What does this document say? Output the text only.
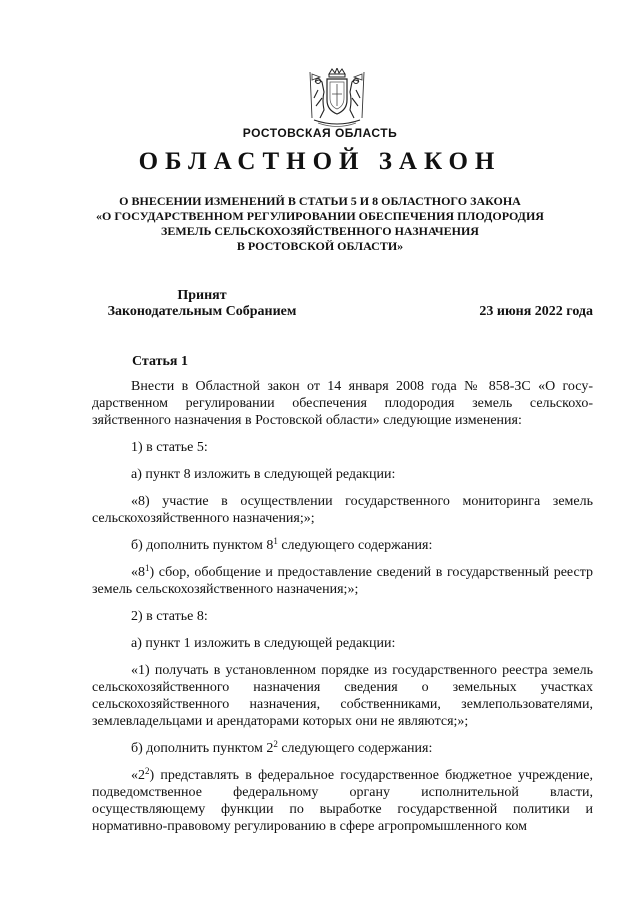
РОСТОВСКАЯ ОБЛАСТЬ
ОБЛАСТНОЙ ЗАКОН
О ВНЕСЕНИИ ИЗМЕНЕНИЙ В СТАТЬИ 5 И 8 ОБЛАСТНОГО ЗАКОНА
«О ГОСУДАРСТВЕННОМ РЕГУЛИРОВАНИИ ОБЕСПЕЧЕНИЯ ПЛОДОРОДИЯ
ЗЕМЕЛЬ СЕЛЬСКОХОЗЯЙСТВЕННОГО НАЗНАЧЕНИЯ
В РОСТОВСКОЙ ОБЛАСТИ»
Принят
Законодательным Собранием	23 июня 2022 года
Статья 1

Внести в Областной закон от 14 января 2008 года № 858-ЗС «О государственном регулировании обеспечения плодородия земель сельскохозяйственного назначения в Ростовской области» следующие изменения:

1) в статье 5:

а) пункт 8 изложить в следующей редакции:

«8) участие в осуществлении государственного мониторинга земель сельскохозяйственного назначения;»;

б) дополнить пунктом $8^1$ следующего содержания:

«$8^1$) сбор, обобщение и предоставление сведений в государственный реестр земель сельскохозяйственного назначения;»;

2) в статье 8:

а) пункт 1 изложить в следующей редакции:

«1) получать в установленном порядке из государственного реестра земель сельскохозяйственного назначения сведения о земельных участках сельскохозяйственного назначения, собственниками, землепользователями, землевладельцами и арендаторами которых они не являются;»;

б) дополнить пунктом $2^2$ следующего содержания:

«$2^2$) представлять в федеральное государственное бюджетное учреждение, подведомственное федеральному органу исполнительной власти, осуществляющему функции по выработке государственной политики и нормативно-правовому регулированию в сфере агропромышленного ком
